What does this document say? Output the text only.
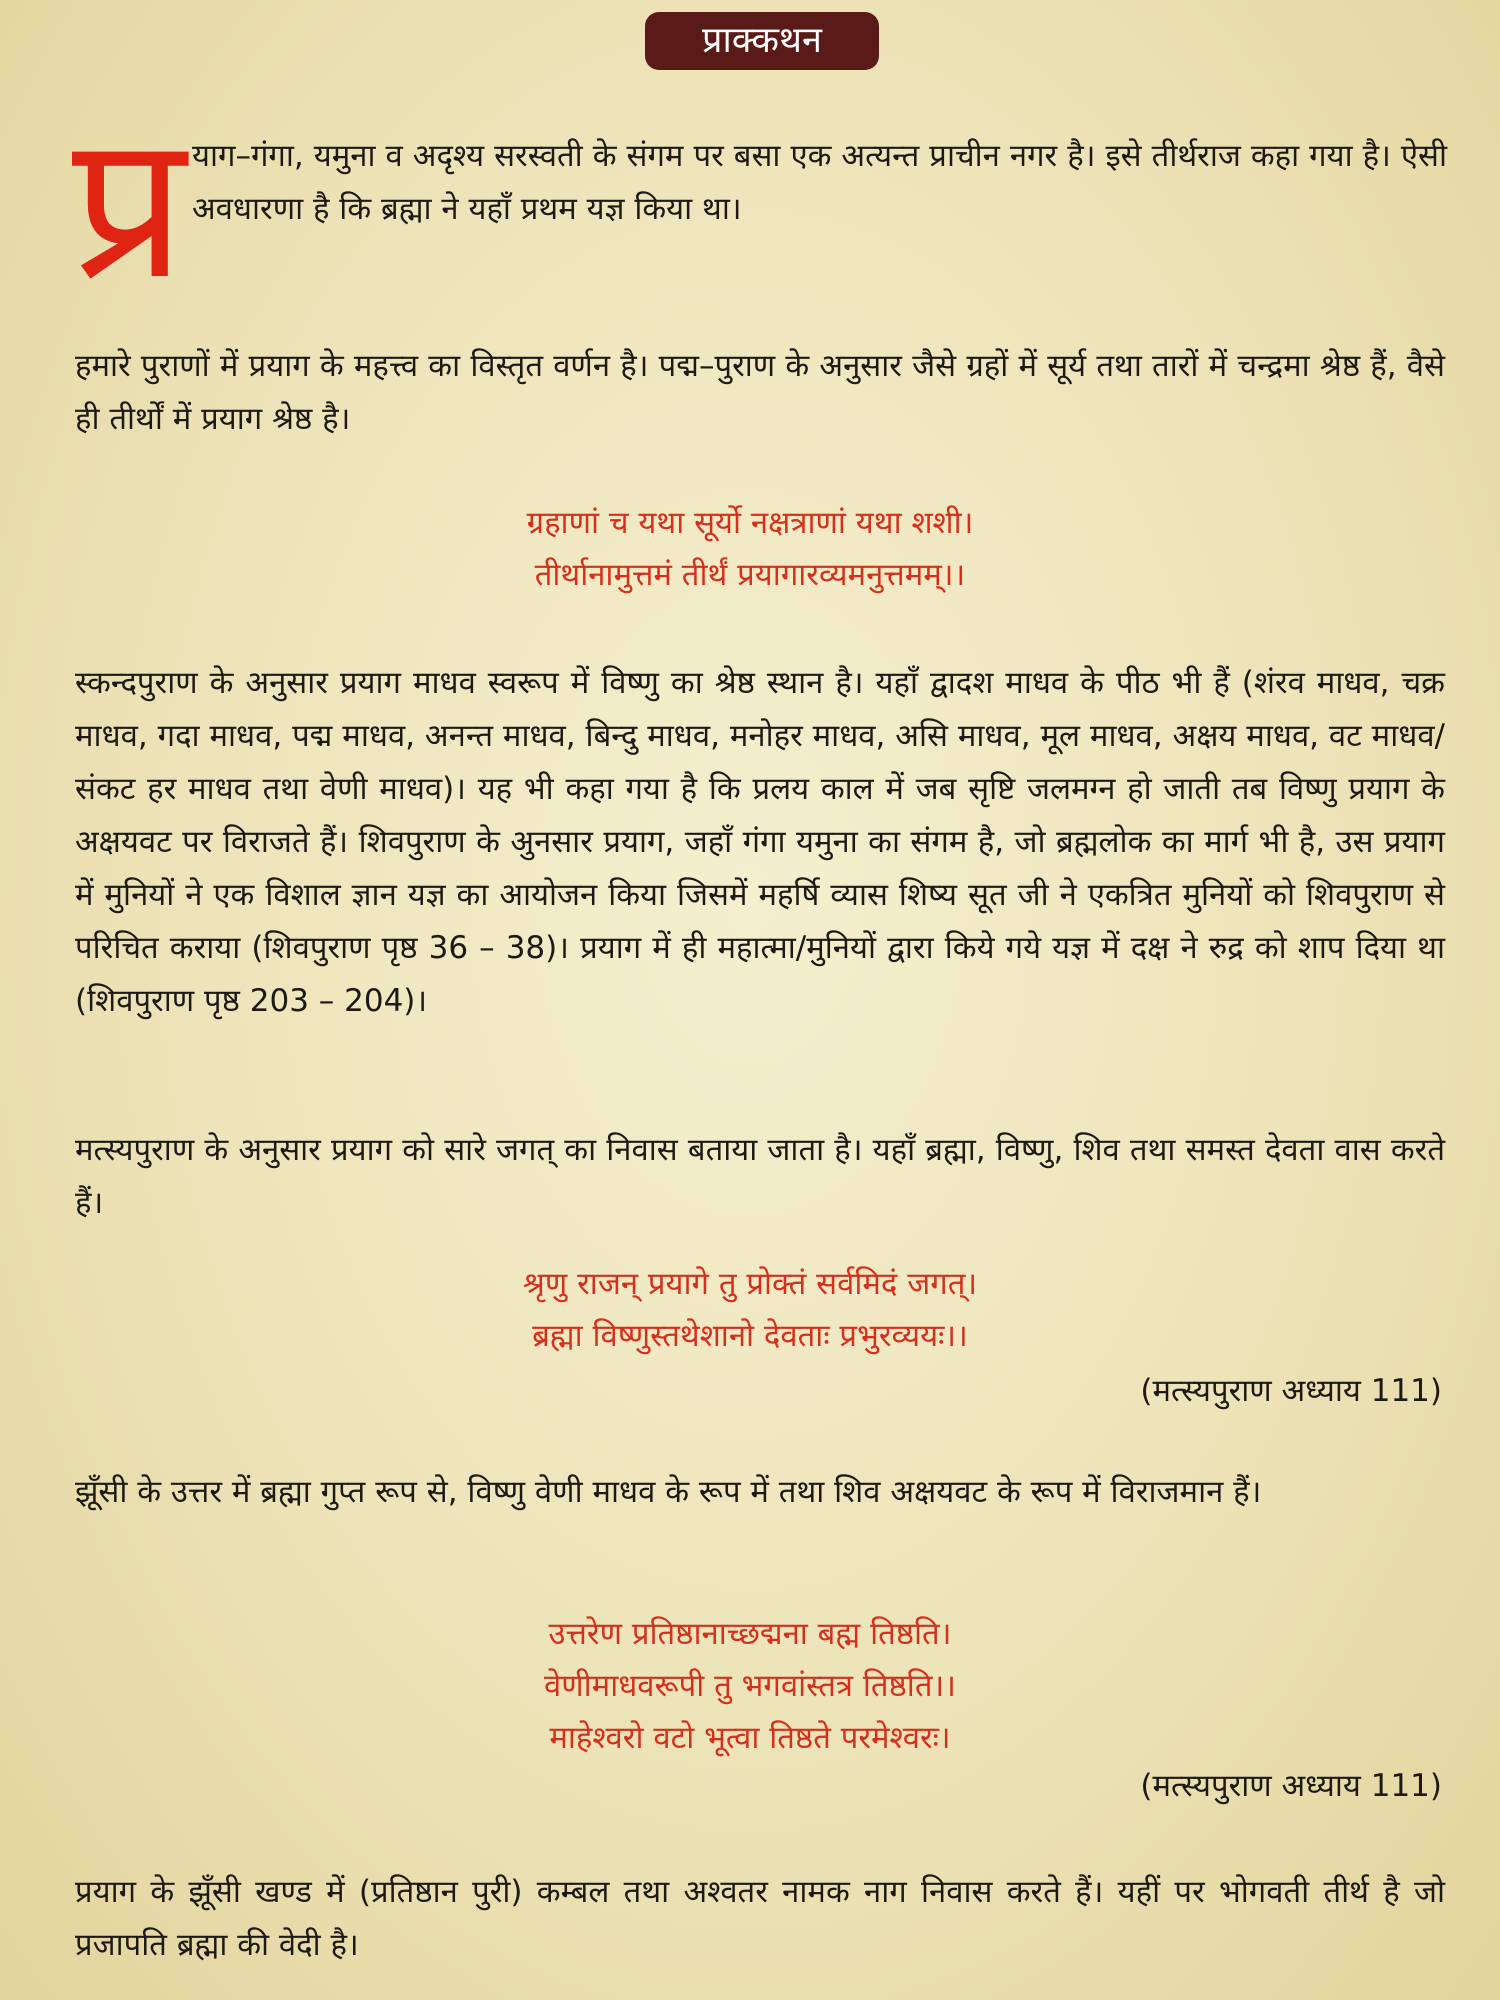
प्राक्कथन
प्र याग–गंगा, यमुना व अदृश्य सरस्वती के संगम पर बसा एक अत्यन्त प्राचीन नगर है। इसे तीर्थराज कहा गया है। ऐसी अवधारणा है कि ब्रह्मा ने यहाँ प्रथम यज्ञ किया था।

हमारे पुराणों में प्रयाग के महत्त्व का विस्तृत वर्णन है। पद्म–पुराण के अनुसार जैसे ग्रहों में सूर्य तथा तारों में चन्द्रमा श्रेष्ठ हैं, वैसे ही तीर्थों में प्रयाग श्रेष्ठ है।

ग्रहाणां च यथा सूर्यो नक्षत्राणां यथा शशी।
तीर्थानामुत्तमं तीर्थं प्रयागारव्यमनुत्तमम्।।

स्कन्दपुराण के अनुसार प्रयाग माधव स्वरूप में विष्णु का श्रेष्ठ स्थान है। यहाँ द्वादश माधव के पीठ भी हैं (शंरव माधव, चक्र माधव, गदा माधव, पद्म माधव, अनन्त माधव, बिन्दु माधव, मनोहर माधव, असि माधव, मूल माधव, अक्षय माधव, वट माधव/संकट हर माधव तथा वेणी माधव)। यह भी कहा गया है कि प्रलय काल में जब सृष्टि जलमग्न हो जाती तब विष्णु प्रयाग के अक्षयवट पर विराजते हैं। शिवपुराण के अुनसार प्रयाग, जहाँ गंगा यमुना का संगम है, जो ब्रह्मलोक का मार्ग भी है, उस प्रयाग में मुनियों ने एक विशाल ज्ञान यज्ञ का आयोजन किया जिसमें महर्षि व्यास शिष्य सूत जी ने एकत्रित मुनियों को शिवपुराण से परिचित कराया (शिवपुराण पृष्ठ 36 – 38)। प्रयाग में ही महात्मा/मुनियों द्वारा किये गये यज्ञ में दक्ष ने रुद्र को शाप दिया था (शिवपुराण पृष्ठ 203 – 204)।

मत्स्यपुराण के अनुसार प्रयाग को सारे जगत् का निवास बताया जाता है। यहाँ ब्रह्मा, विष्णु, शिव तथा समस्त देवता वास करते हैं।

श्रृणु राजन् प्रयागे तु प्रोक्तं सर्वमिदं जगत्।
ब्रह्मा विष्णुस्तथेशानो देवताः प्रभुरव्ययः।।

(मत्स्यपुराण अध्याय 111)

झूँसी के उत्तर में ब्रह्मा गुप्त रूप से, विष्णु वेणी माधव के रूप में तथा शिव अक्षयवट के रूप में विराजमान हैं।

उत्तरेण प्रतिष्ठानाच्छद्मना बह्म तिष्ठति।
वेणीमाधवरूपी तु भगवांस्तत्र तिष्ठति।।
माहेश्वरो वटो भूत्वा तिष्ठते परमेश्वरः।

(मत्स्यपुराण अध्याय 111)

प्रयाग के झूँसी खण्ड में (प्रतिष्ठान पुरी) कम्बल तथा अश्वतर नामक नाग निवास करते हैं। यहीं पर भोगवती तीर्थ है जो प्रजापति ब्रह्मा की वेदी है।
